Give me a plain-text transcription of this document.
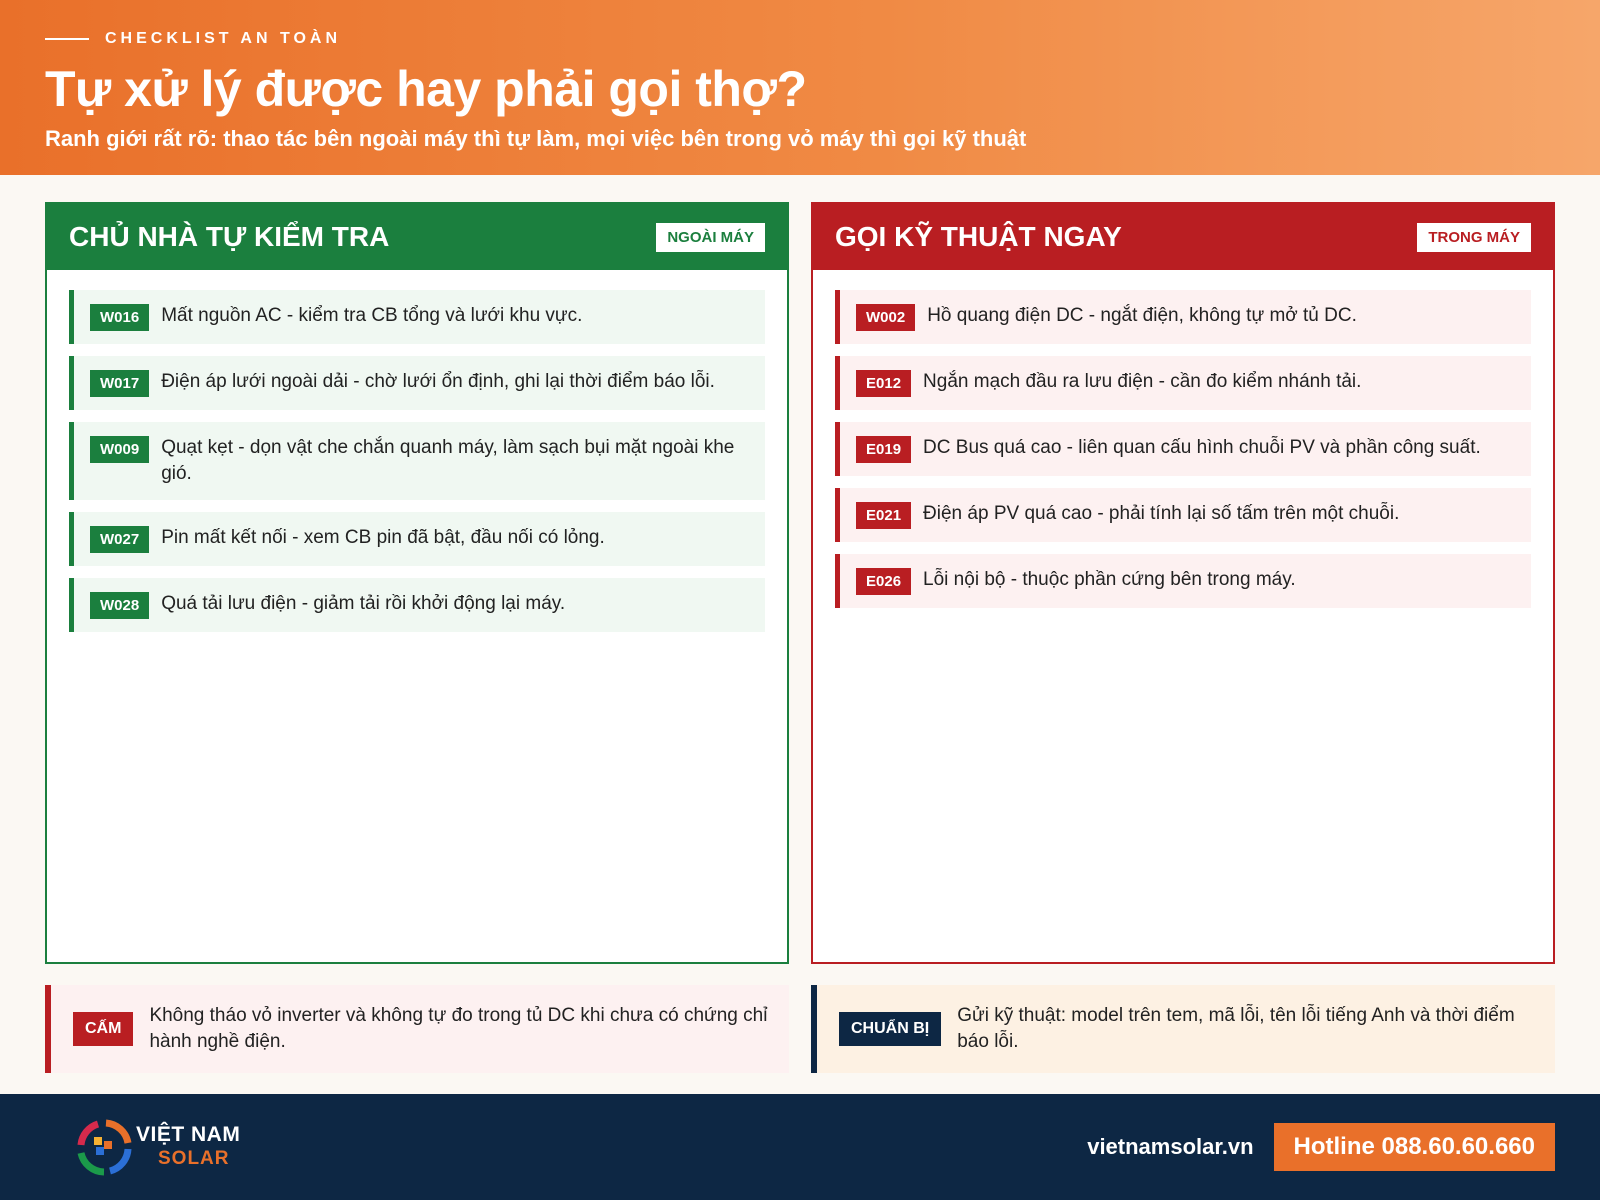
CHECKLIST AN TOÀN
Tự xử lý được hay phải gọi thợ?
Ranh giới rất rõ: thao tác bên ngoài máy thì tự làm, mọi việc bên trong vỏ máy thì gọi kỹ thuật
CHỦ NHÀ TỰ KIỂM TRA	NGOÀI MÁY
W016	Mất nguồn AC - kiểm tra CB tổng và lưới khu vực.
W017	Điện áp lưới ngoài dải - chờ lưới ổn định, ghi lại thời điểm báo lỗi.
W009	Quạt kẹt - dọn vật che chắn quanh máy, làm sạch bụi mặt ngoài khe gió.
W027	Pin mất kết nối - xem CB pin đã bật, đầu nối có lỏng.
W028	Quá tải lưu điện - giảm tải rồi khởi động lại máy.
GỌI KỸ THUẬT NGAY	TRONG MÁY
W002	Hồ quang điện DC - ngắt điện, không tự mở tủ DC.
E012	Ngắn mạch đầu ra lưu điện - cần đo kiểm nhánh tải.
E019	DC Bus quá cao - liên quan cấu hình chuỗi PV và phần công suất.
E021	Điện áp PV quá cao - phải tính lại số tấm trên một chuỗi.
E026	Lỗi nội bộ - thuộc phần cứng bên trong máy.
CẤM
Không tháo vỏ inverter và không tự đo trong tủ DC khi chưa có chứng chỉ hành nghề điện.
CHUẨN BỊ
Gửi kỹ thuật: model trên tem, mã lỗi, tên lỗi tiếng Anh và thời điểm báo lỗi.
VIỆT NAM
SOLAR	vietnamsolar.vn	Hotline 088.60.60.660
